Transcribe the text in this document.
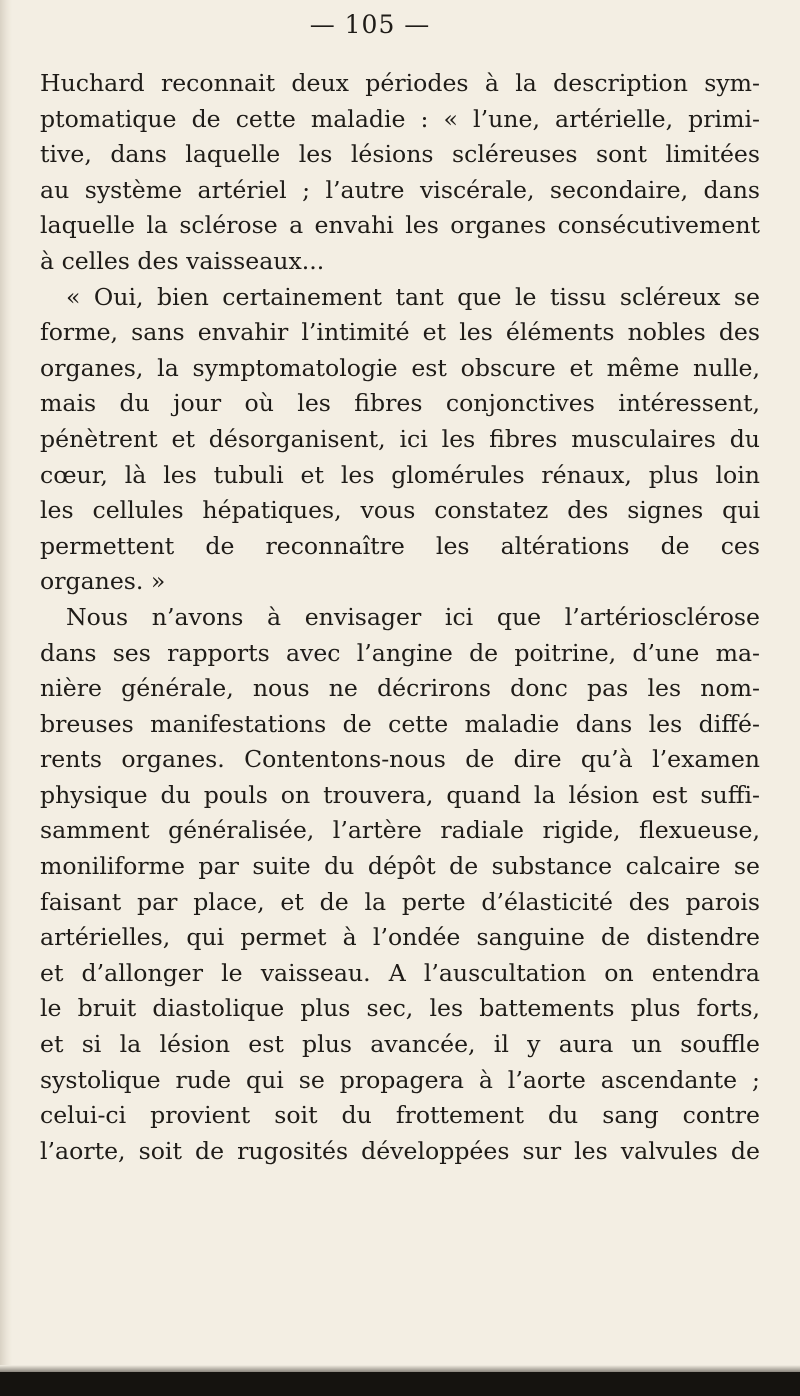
— 105 —
Huchard reconnait deux périodes à la description sym-
ptomatique de cette maladie : « l’une, artérielle, primi-
tive, dans laquelle les lésions scléreuses sont limitées
au système artériel ; l’autre viscérale, secondaire, dans
laquelle la sclérose a envahi les organes consécutivement
à celles des vaisseaux...
« Oui, bien certainement tant que le tissu scléreux se
forme, sans envahir l’intimité et les éléments nobles des
organes, la symptomatologie est obscure et même nulle,
mais du jour où les fibres conjonctives intéressent,
pénètrent et désorganisent, ici les fibres musculaires du
cœur, là les tubuli et les glomérules rénaux, plus loin
les cellules hépatiques, vous constatez des signes qui
permettent de reconnaître les altérations de ces
organes. »
Nous n’avons à envisager ici que l’artériosclérose
dans ses rapports avec l’angine de poitrine, d’une ma-
nière générale, nous ne décrirons donc pas les nom-
breuses manifestations de cette maladie dans les diffé-
rents organes. Contentons-nous de dire qu’à l’examen
physique du pouls on trouvera, quand la lésion est suffi-
samment généralisée, l’artère radiale rigide, flexueuse,
moniliforme par suite du dépôt de substance calcaire se
faisant par place, et de la perte d’élasticité des parois
artérielles, qui permet à l’ondée sanguine de distendre
et d’allonger le vaisseau. A l’auscultation on entendra
le bruit diastolique plus sec, les battements plus forts,
et si la lésion est plus avancée, il y aura un souffle
systolique rude qui se propagera à l’aorte ascendante ;
celui-ci provient soit du frottement du sang contre
l’aorte, soit de rugosités développées sur les valvules de
